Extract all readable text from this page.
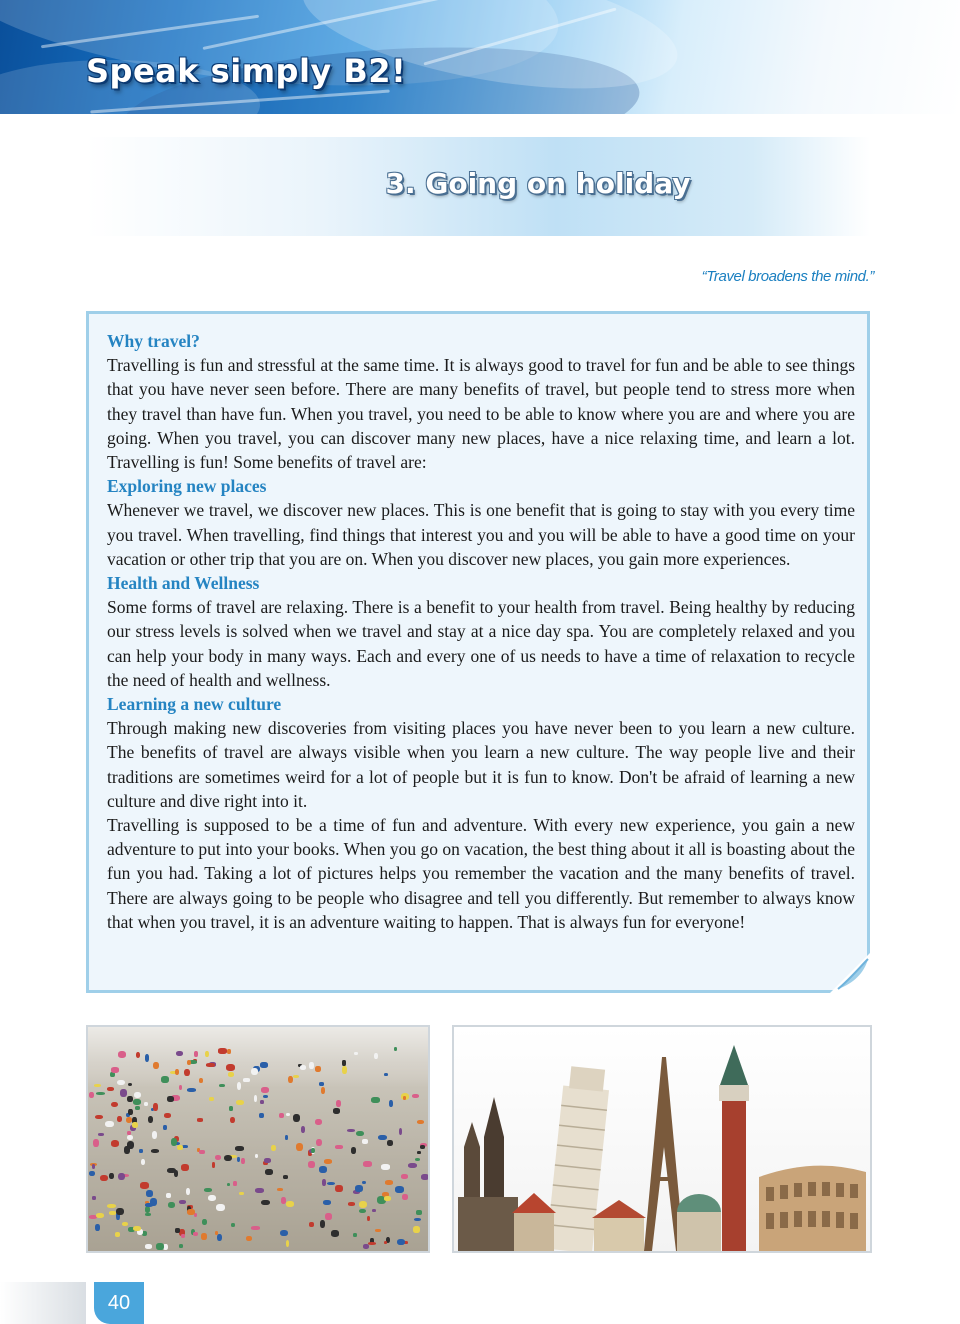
Speak simply B2!
3. Going on holiday
“Travel broadens the mind.”

Why travel?

Travelling is fun and stressful at the same time. It is always good to travel for fun and be able to see things that you have never seen before. There are many benefits of travel, but people tend to stress more when they travel than have fun. When you travel, you need to be able to know where you are and where you are going. When you travel, you can discover many new places, have a nice relaxing time, and learn a lot. Travelling is fun! Some benefits of travel are:

Exploring new places

Whenever we travel, we discover new places. This is one benefit that is going to stay with you every time you travel. When travelling, find things that interest you and you will be able to have a good time on your vacation or other trip that you are on. When you discover new places, you gain more experiences.

Health and Wellness

Some forms of travel are relaxing. There is a benefit to your health from travel. Being healthy by reducing our stress levels is solved when we travel and stay at a nice day spa. You are completely relaxed and you can help your body in many ways. Each and every one of us needs to have a time of relaxation to recycle the need of health and wellness.

Learning a new culture

Through making new discoveries from visiting places you have never been to you learn a new culture. The benefits of travel are always visible when you learn a new culture. The way people live and their traditions are sometimes weird for a lot of people but it is fun to know. Don't be afraid of learning a new culture and dive right into it.

Travelling is supposed to be a time of fun and adventure. With every new experience, you gain a new adventure to put into your books. When you go on vacation, the best thing about it all is boasting about the fun you had. Taking a lot of pictures helps you remember the vacation and the many benefits of travel. There are always going to be people who disagree and tell you differently. But remember to always know that when you travel, it is an adventure waiting to happen. That is always fun for everyone!

40
